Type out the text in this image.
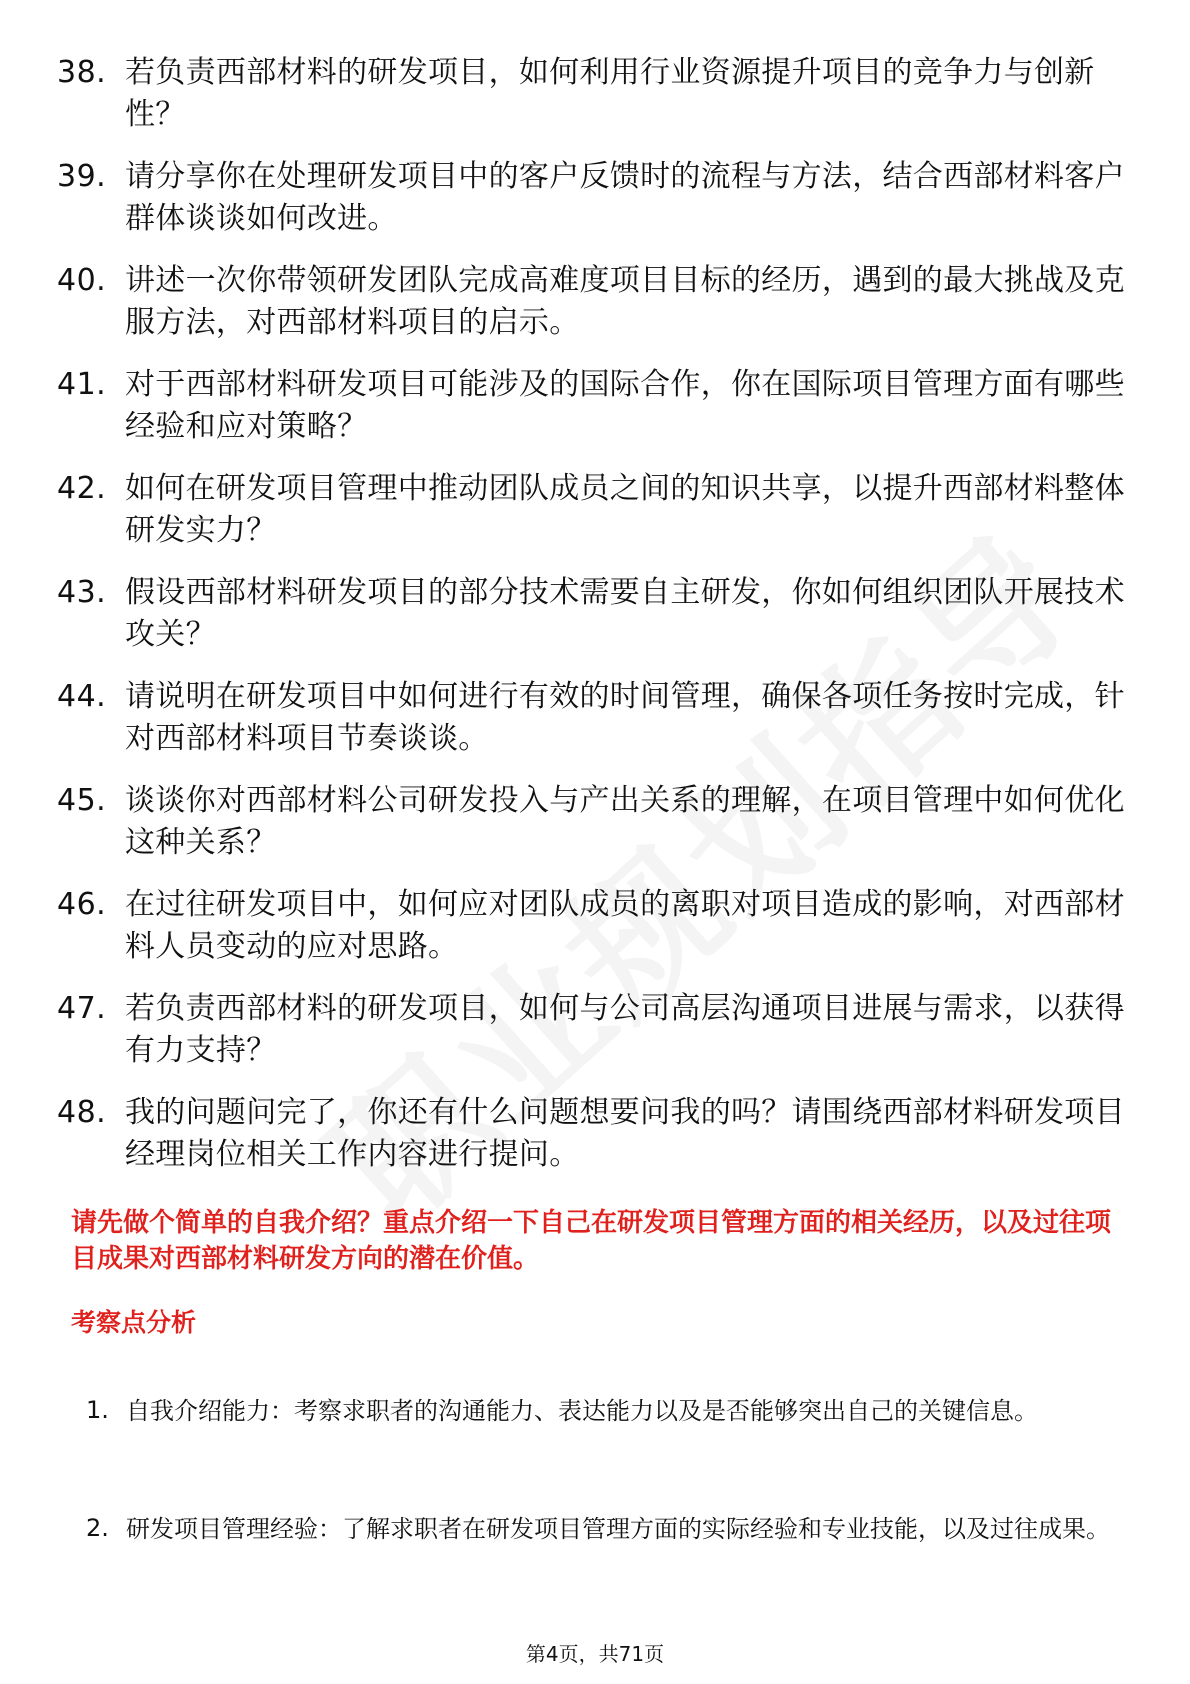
38. 若负责西部材料的研发项目，如何利用行业资源提升项目的竞争力与创新性？
39. 请分享你在处理研发项目中的客户反馈时的流程与方法，结合西部材料客户群体谈谈如何改进。
40. 讲述一次你带领研发团队完成高难度项目目标的经历，遇到的最大挑战及克服方法，对西部材料项目的启示。
41. 对于西部材料研发项目可能涉及的国际合作，你在国际项目管理方面有哪些经验和应对策略？
42. 如何在研发项目管理中推动团队成员之间的知识共享，以提升西部材料整体研发实力？
43. 假设西部材料研发项目的部分技术需要自主研发，你如何组织团队开展技术攻关？
44. 请说明在研发项目中如何进行有效的时间管理，确保各项任务按时完成，针对西部材料项目节奏谈谈。
45. 谈谈你对西部材料公司研发投入与产出关系的理解，在项目管理中如何优化这种关系？
46. 在过往研发项目中，如何应对团队成员的离职对项目造成的影响，对西部材料人员变动的应对思路。
47. 若负责西部材料的研发项目，如何与公司高层沟通项目进展与需求，以获得有力支持？
48. 我的问题问完了，你还有什么问题想要问我的吗？请围绕西部材料研发项目经理岗位相关工作内容进行提问。
请先做个简单的自我介绍？重点介绍一下自己在研发项目管理方面的相关经历，以及过往项目成果对西部材料研发方向的潜在价值。
考察点分析
1. 自我介绍能力：考察求职者的沟通能力、表达能力以及是否能够突出自己的关键信息。
2. 研发项目管理经验：了解求职者在研发项目管理方面的实际经验和专业技能，以及过往成果。
第4页，共71页
